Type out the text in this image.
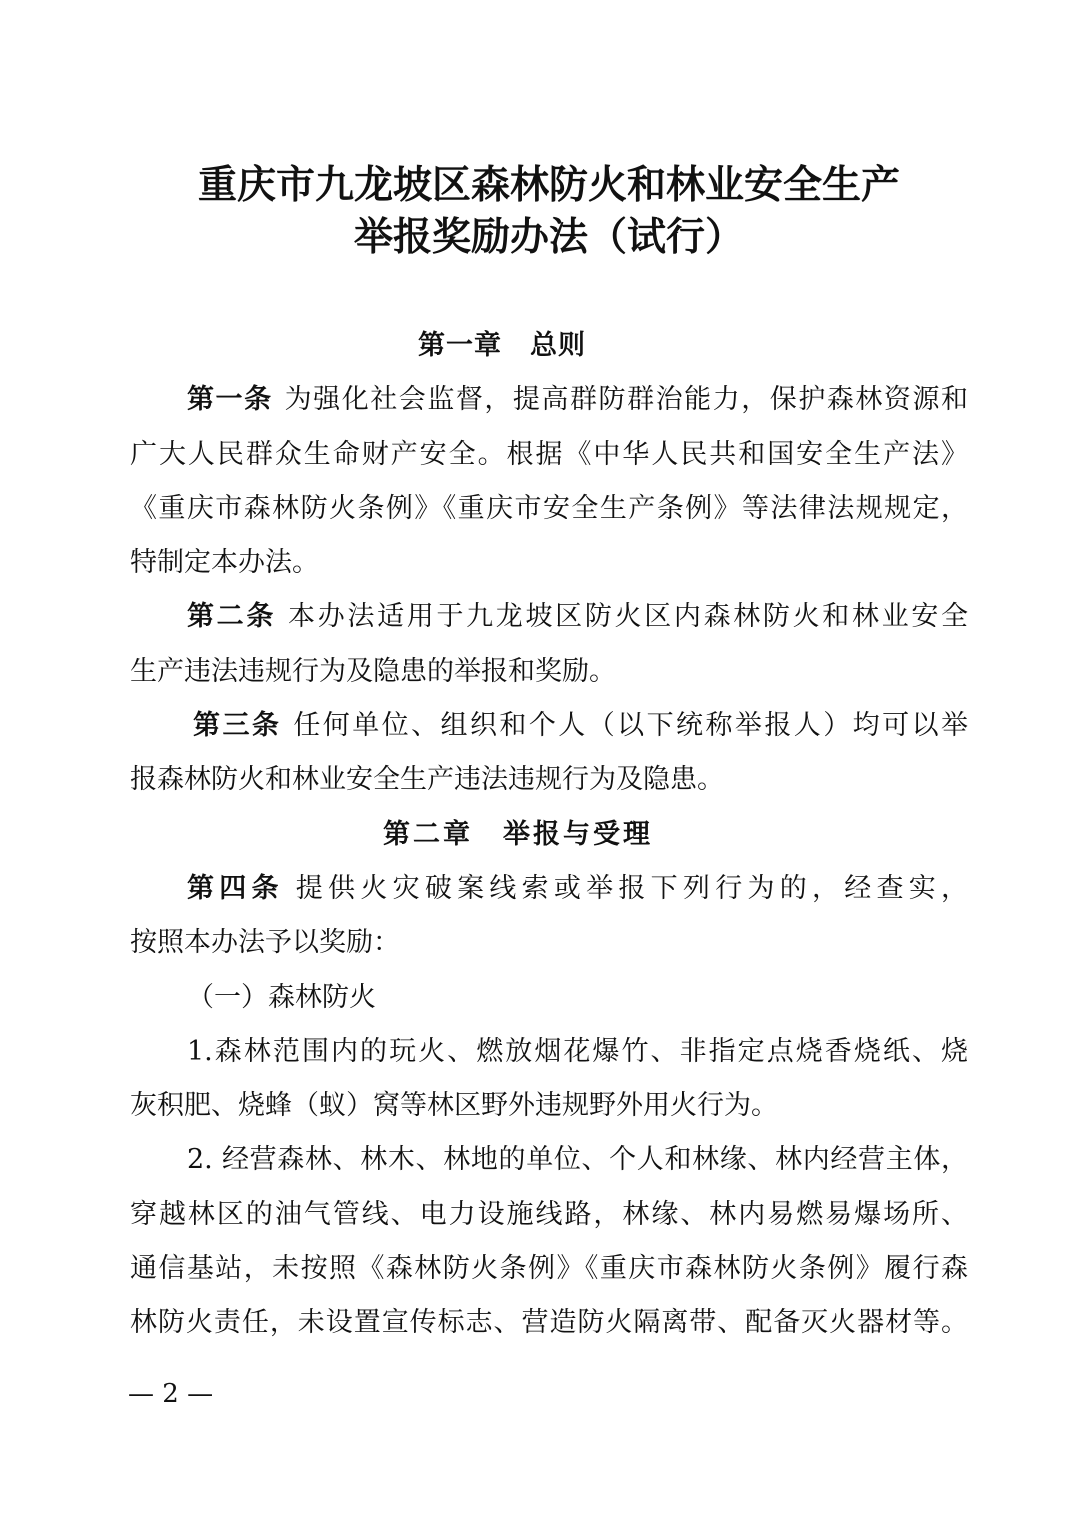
重庆市九龙坡区森林防火和林业安全生产
举报奖励办法（试行）
第一章　总则
第一条 为强化社会监督，提高群防群治能力，保护森林资源和
广大人民群众生命财产安全。根据《中华人民共和国安全生产法》
《重庆市森林防火条例》《重庆市安全生产条例》等法律法规规定，
特制定本办法。
第二条 本办法适用于九龙坡区防火区内森林防火和林业安全
生产违法违规行为及隐患的举报和奖励。
第三条 任何单位、组织和个人（以下统称举报人）均可以举
报森林防火和林业安全生产违法违规行为及隐患。
第二章　举报与受理
第四条 提供火灾破案线索或举报下列行为的，经查实，
按照本办法予以奖励：
（一）森林防火
1.森林范围内的玩火、燃放烟花爆竹、非指定点烧香烧纸、烧
灰积肥、烧蜂（蚁）窝等林区野外违规野外用火行为。
2. 经营森林、林木、林地的单位、个人和林缘、林内经营主体，
穿越林区的油气管线、电力设施线路，林缘、林内易燃易爆场所、
通信基站，未按照《森林防火条例》《重庆市森林防火条例》履行森
林防火责任，未设置宣传标志、营造防火隔离带、配备灭火器材等。
— 2 —
